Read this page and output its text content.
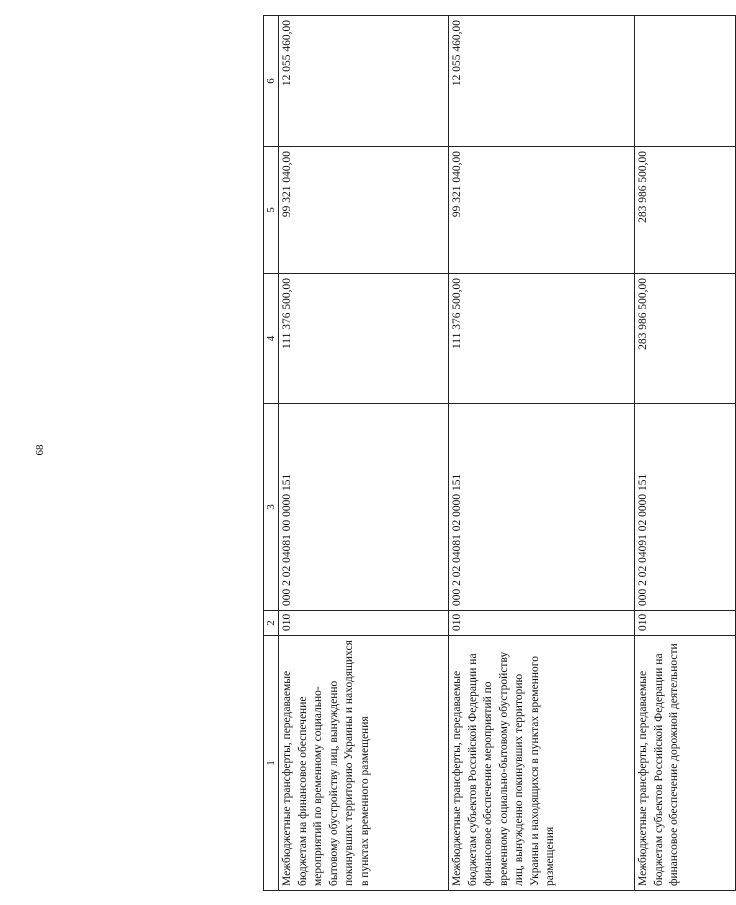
68
1	2	3	4	5	6
Межбюджетные трансферты, передаваемые бюджетам на финансовое обеспечение мероприятий по временному социально-бытовому обустройству лиц, вынужденно покинувших территорию Украины и находящихся в пунктах временного размещения	010	000 2 02 04081 00 0000 151	111 376 500,00	99 321 040,00	12 055 460,00
Межбюджетные трансферты, передаваемые бюджетам субъектов Российской Федерации на финансовое обеспечение мероприятий по временному социально-бытовому обустройству лиц, вынужденно покинувших территорию Украины и находящихся в пунктах временного размещения	010	000 2 02 04081 02 0000 151	111 376 500,00	99 321 040,00	12 055 460,00
Межбюджетные трансферты, передаваемые бюджетам субъектов Российской Федерации на финансовое обеспечение дорожной деятельности	010	000 2 02 04091 02 0000 151	283 986 500,00	283 986 500,00	
